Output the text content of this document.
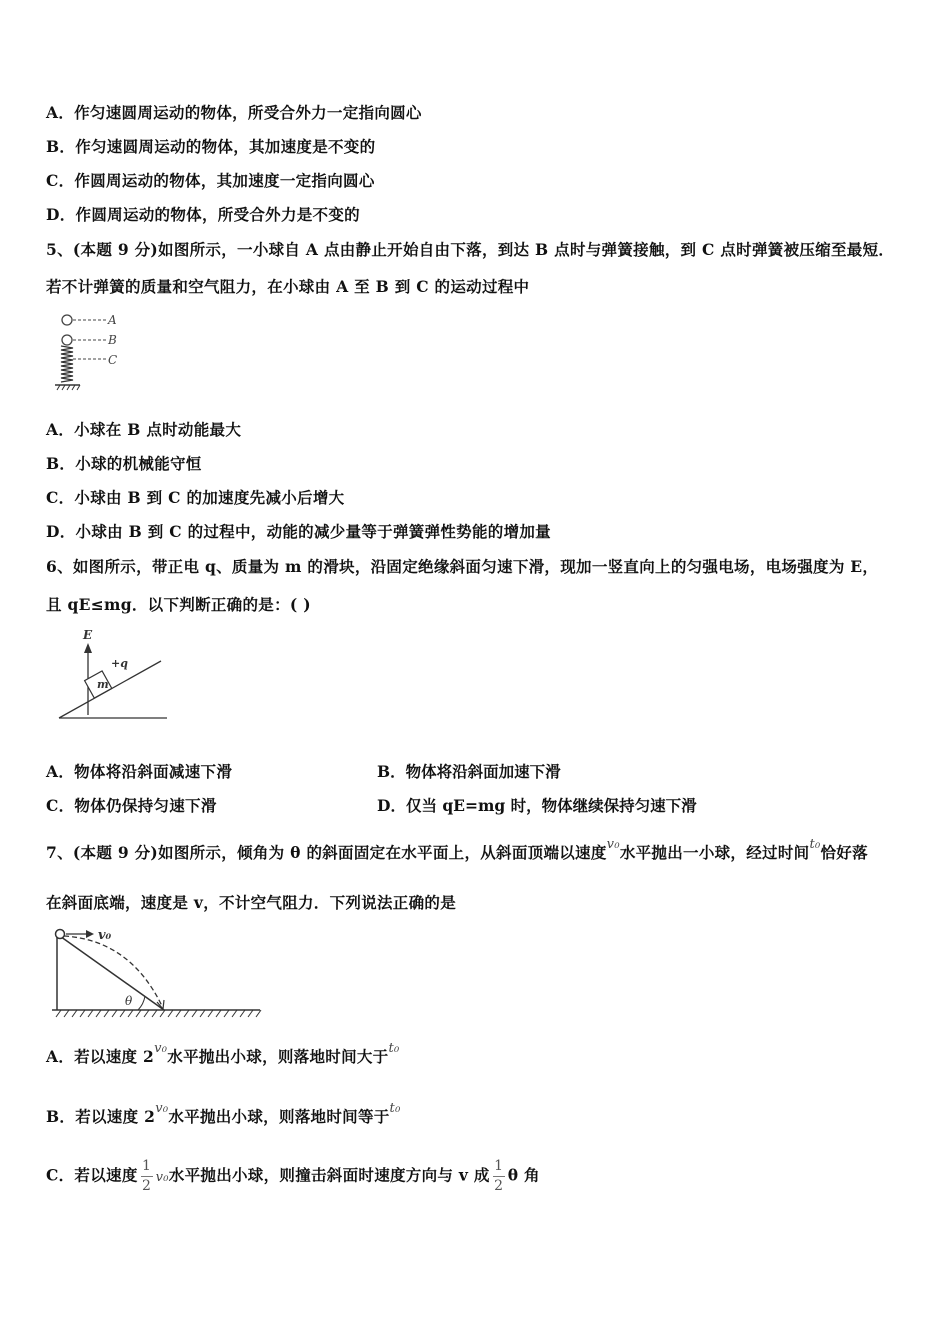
A．作匀速圆周运动的物体，所受合外力一定指向圆心
B．作匀速圆周运动的物体，其加速度是不变的
C．作圆周运动的物体，其加速度一定指向圆心
D．作圆周运动的物体，所受合外力是不变的
5、(本题 9 分)如图所示，一小球自 A 点由静止开始自由下落，到达 B 点时与弹簧接触，到 C 点时弹簧被压缩至最短．
若不计弹簧的质量和空气阻力，在小球由 A 至 B 到 C 的运动过程中
A
B
C
A．小球在 B 点时动能最大
B．小球的机械能守恒
C．小球由 B 到 C 的加速度先减小后增大
D．小球由 B 到 C 的过程中，动能的减少量等于弹簧弹性势能的增加量
6、如图所示，带正电 q、质量为 m 的滑块，沿固定绝缘斜面匀速下滑，现加一竖直向上的匀强电场，电场强度为 E，
且 qE≤mg．以下判断正确的是：( )
E
m
+q
A．物体将沿斜面减速下滑	B．物体将沿斜面加速下滑
C．物体仍保持匀速下滑	D．仅当 qE=mg 时，物体继续保持匀速下滑
7、(本题 9 分)如图所示，倾角为 θ 的斜面固定在水平面上，从斜面顶端以速度$^{v_0}$水平抛出一小球，经过时间$^{t_0}$恰好落
在斜面底端，速度是 v，不计空气阻力．下列说法正确的是
v₀
θ
A．若以速度 $2^{v_0}$水平抛出小球，则落地时间大于$^{t_0}$
B．若以速度 $2^{v_0}$水平抛出小球，则落地时间等于$^{t_0}$
C．若以速度 $\frac{1}{2} v_0$水平抛出小球，则撞击斜面时速度方向与 v 成 $\frac{1}{2}$ θ 角
